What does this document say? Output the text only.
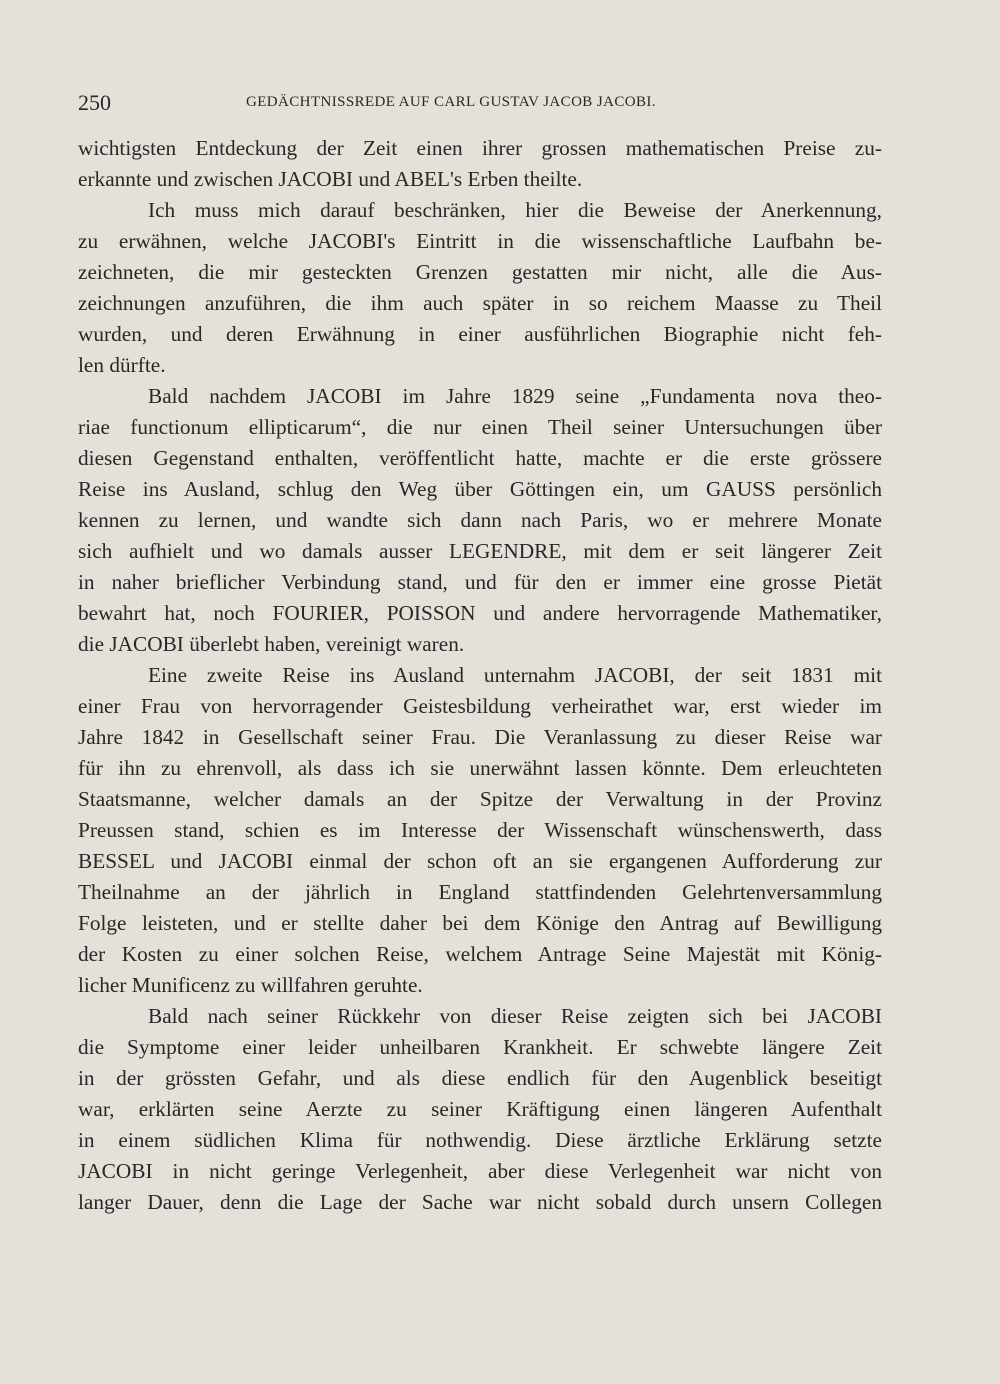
250	GEDÄCHTNISSREDE AUF CARL GUSTAV JACOB JACOBI.
wichtigsten Entdeckung der Zeit einen ihrer grossen mathematischen Preise zu-
erkannte und zwischen JACOBI und ABEL's Erben theilte.
Ich muss mich darauf beschränken, hier die Beweise der Anerkennung,
zu erwähnen, welche JACOBI's Eintritt in die wissenschaftliche Laufbahn be-
zeichneten, die mir gesteckten Grenzen gestatten mir nicht, alle die Aus-
zeichnungen anzuführen, die ihm auch später in so reichem Maasse zu Theil
wurden, und deren Erwähnung in einer ausführlichen Biographie nicht feh-
len dürfte.
Bald nachdem JACOBI im Jahre 1829 seine „Fundamenta nova theo-
riae functionum ellipticarum“, die nur einen Theil seiner Untersuchungen über
diesen Gegenstand enthalten, veröffentlicht hatte, machte er die erste grössere
Reise ins Ausland, schlug den Weg über Göttingen ein, um GAUSS persönlich
kennen zu lernen, und wandte sich dann nach Paris, wo er mehrere Monate
sich aufhielt und wo damals ausser LEGENDRE, mit dem er seit längerer Zeit
in naher brieflicher Verbindung stand, und für den er immer eine grosse Pietät
bewahrt hat, noch FOURIER, POISSON und andere hervorragende Mathematiker,
die JACOBI überlebt haben, vereinigt waren.
Eine zweite Reise ins Ausland unternahm JACOBI, der seit 1831 mit
einer Frau von hervorragender Geistesbildung verheirathet war, erst wieder im
Jahre 1842 in Gesellschaft seiner Frau. Die Veranlassung zu dieser Reise war
für ihn zu ehrenvoll, als dass ich sie unerwähnt lassen könnte. Dem erleuchteten
Staatsmanne, welcher damals an der Spitze der Verwaltung in der Provinz
Preussen stand, schien es im Interesse der Wissenschaft wünschenswerth, dass
BESSEL und JACOBI einmal der schon oft an sie ergangenen Aufforderung zur
Theilnahme an der jährlich in England stattfindenden Gelehrtenversammlung
Folge leisteten, und er stellte daher bei dem Könige den Antrag auf Bewilligung
der Kosten zu einer solchen Reise, welchem Antrage Seine Majestät mit König-
licher Munificenz zu willfahren geruhte.
Bald nach seiner Rückkehr von dieser Reise zeigten sich bei JACOBI
die Symptome einer leider unheilbaren Krankheit. Er schwebte längere Zeit
in der grössten Gefahr, und als diese endlich für den Augenblick beseitigt
war, erklärten seine Aerzte zu seiner Kräftigung einen längeren Aufenthalt
in einem südlichen Klima für nothwendig. Diese ärztliche Erklärung setzte
JACOBI in nicht geringe Verlegenheit, aber diese Verlegenheit war nicht von
langer Dauer, denn die Lage der Sache war nicht sobald durch unsern Collegen
